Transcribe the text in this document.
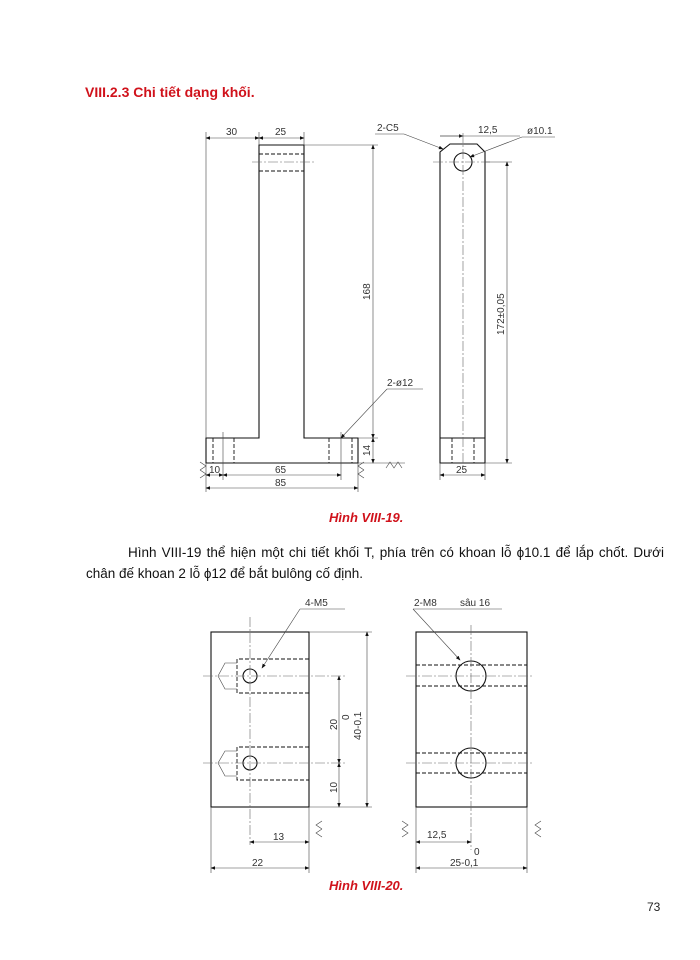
VIII.2.3 Chi tiết dạng khối.
30	25
168
14
2-ø12
10	65
85
2-C5	12,5	ø10.1
172±0,05
25
4-M5
20
0 40-0,1
10
13
22
2-M8 sâu 16
12,5
0
25-0,1
Hình VIII-19.
Hình VIII-19 thể hiện một chi tiết khối T, phía trên có khoan lỗ ϕ10.1 để lắp chốt. Dưới chân đế khoan 2 lỗ ϕ12 để bắt bulông cố định.
Hình VIII-20.
73
